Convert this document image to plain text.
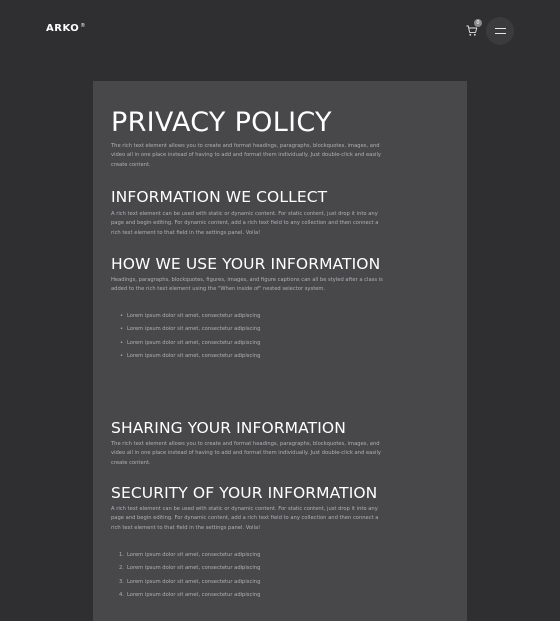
ARKO®	0
PRIVACY POLICY

The rich text element allows you to create and format headings, paragraphs, blockquotes, images, and video all in one place instead of having to add and format them individually. Just double-click and easily create content.

INFORMATION WE COLLECT

A rich text element can be used with static or dynamic content. For static content, just drop it into any page and begin editing. For dynamic content, add a rich text field to any collection and then connect a rich text element to that field in the settings panel. Voila!

HOW WE USE YOUR INFORMATION

Headings, paragraphs, blockquotes, figures, images, and figure captions can all be styled after a class is added to the rich text element using the "When inside of" nested selector system.

• Lorem ipsum dolor sit amet, consectetur adipiscing
• Lorem ipsum dolor sit amet, consectetur adipiscing
• Lorem ipsum dolor sit amet, consectetur adipiscing
• Lorem ipsum dolor sit amet, consectetur adipiscing
SHARING YOUR INFORMATION

The rich text element allows you to create and format headings, paragraphs, blockquotes, images, and video all in one place instead of having to add and format them individually. Just double-click and easily create content.

SECURITY OF YOUR INFORMATION

A rich text element can be used with static or dynamic content. For static content, just drop it into any page and begin editing. For dynamic content, add a rich text field to any collection and then connect a rich text element to that field in the settings panel. Voila!

1. Lorem ipsum dolor sit amet, consectetur adipiscing
2. Lorem ipsum dolor sit amet, consectetur adipiscing
3. Lorem ipsum dolor sit amet, consectetur adipiscing
4. Lorem ipsum dolor sit amet, consectetur adipiscing
